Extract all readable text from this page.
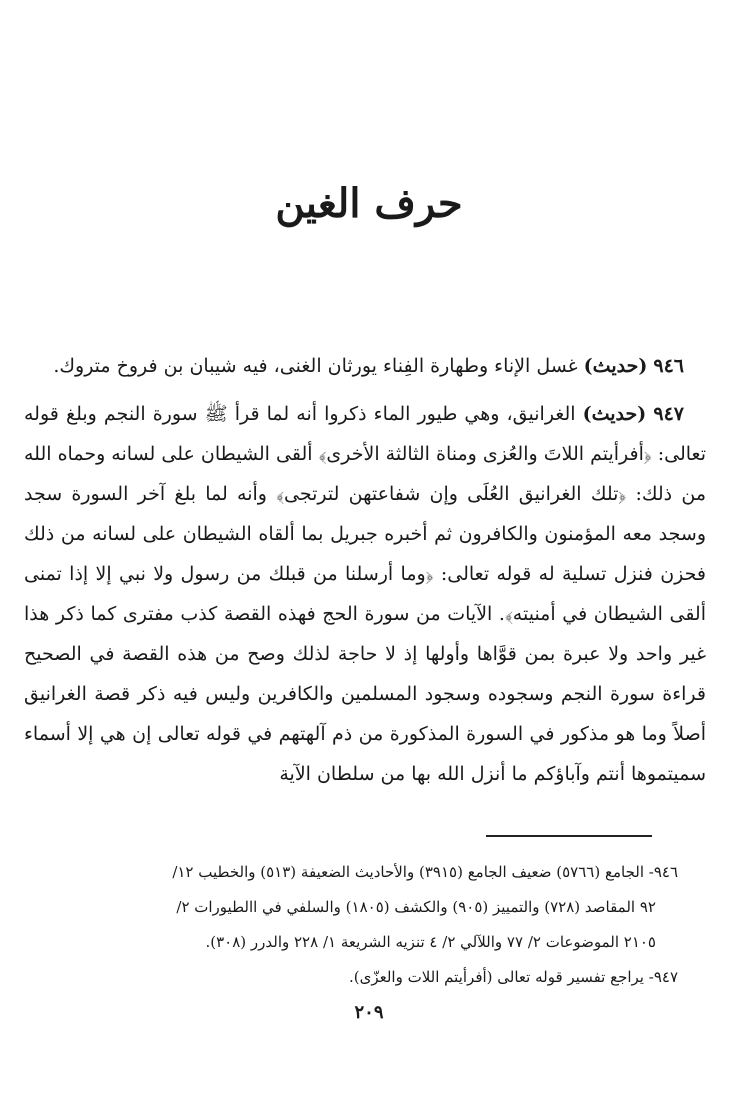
حرف الغين

٩٤٦ (حديث) غسل الإناء وطهارة الفِناء يورثان الغنى، فيه شيبان بن فروخ متروك.

٩٤٧ (حديث) الغرانيق، وهي طيور الماء ذكروا أنه لما قرأ ﷺ سورة النجم وبلغ قوله تعالى: ﴿أفرأيتم اللاتَ والعُزى ومناة الثالثة الأخرى﴾ ألقى الشيطان على لسانه وحماه الله من ذلك: ﴿تلك الغرانيق العُلَى وإن شفاعتهن لترتجى﴾ وأنه لما بلغ آخر السورة سجد وسجد معه المؤمنون والكافرون ثم أخبره جبريل بما ألقاه الشيطان على لسانه من ذلك فحزن فنزل تسلية له قوله تعالى: ﴿وما أرسلنا من قبلك من رسول ولا نبي إلا إذا تمنى ألقى الشيطان في أمنيته﴾. الآيات من سورة الحج فهذه القصة كذب مفترى كما ذكر هذا غير واحد ولا عبرة بمن قوَّاها وأولها إذ لا حاجة لذلك وصح من هذه القصة في الصحيح قراءة سورة النجم وسجوده وسجود المسلمين والكافرين وليس فيه ذكر قصة الغرانيق أصلاً وما هو مذكور في السورة المذكورة من ذم آلهتهم في قوله تعالى إن هي إلا أسماء سميتموها أنتم وآباؤكم ما أنزل الله بها من سلطان الآية

٩٤٦- الجامع (٥٧٦٦) ضعيف الجامع (٣٩١٥) والأحاديث الضعيفة (٥١٣) والخطيب ١٢/
٩٢ المقاصد (٧٢٨) والتمييز (٩٠٥) والكشف (١٨٠٥) والسلفي في االطيورات ٢/
٢١٠٥ الموضوعات ٢/ ٧٧ واللآلي ٢/ ٤ تنزيه الشريعة ١/ ٢٢٨ والدرر (٣٠٨).
٩٤٧- يراجع تفسير قوله تعالى (أفرأيتم اللات والعزّى).
٢٠٩
